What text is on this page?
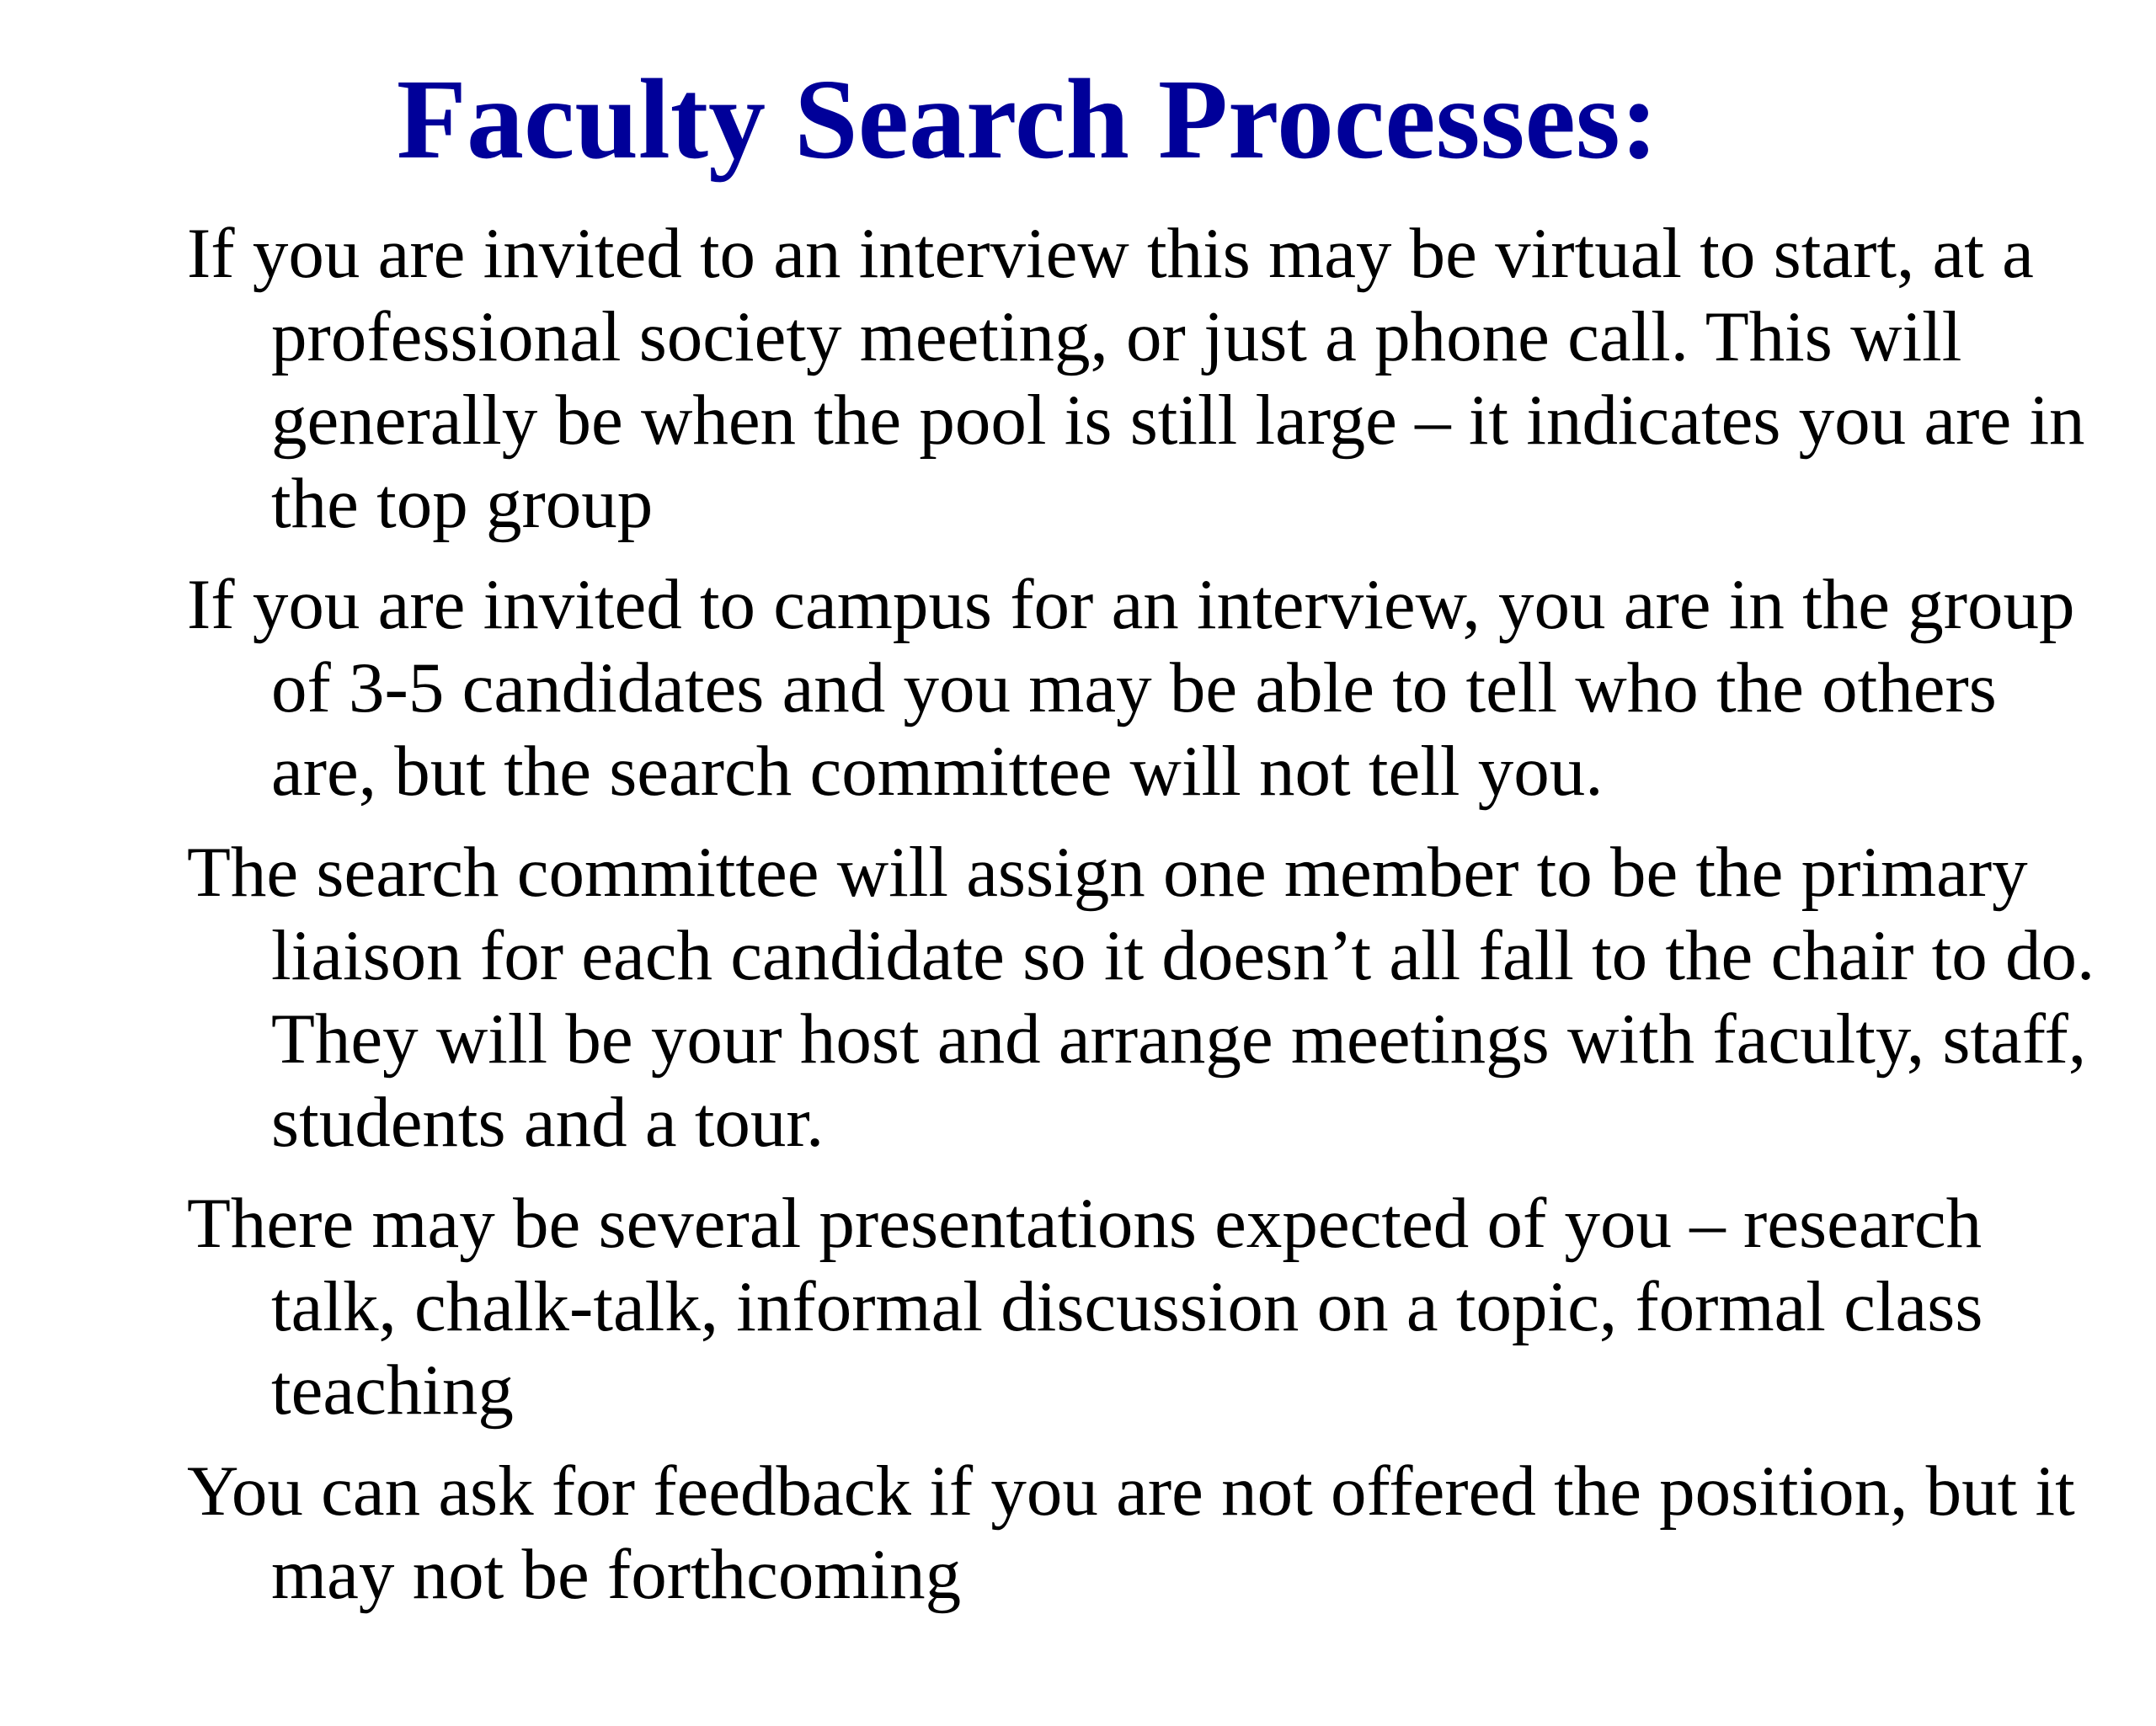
Faculty Search Processes:

If you are invited to an interview this may be virtual to start, at a professional society meeting, or just a phone call. This will generally be when the pool is still large – it indicates you are in the top group

If you are invited to campus for an interview, you are in the group of 3-5 candidates and you may be able to tell who the others are, but the search committee will not tell you.

The search committee will assign one member to be the primary liaison for each candidate so it doesn’t all fall to the chair to do. They will be your host and arrange meetings with faculty, staff, students and a tour.

There may be several presentations expected of you – research talk, chalk-talk, informal discussion on a topic, formal class teaching

You can ask for feedback if you are not offered the position, but it may not be forthcoming
